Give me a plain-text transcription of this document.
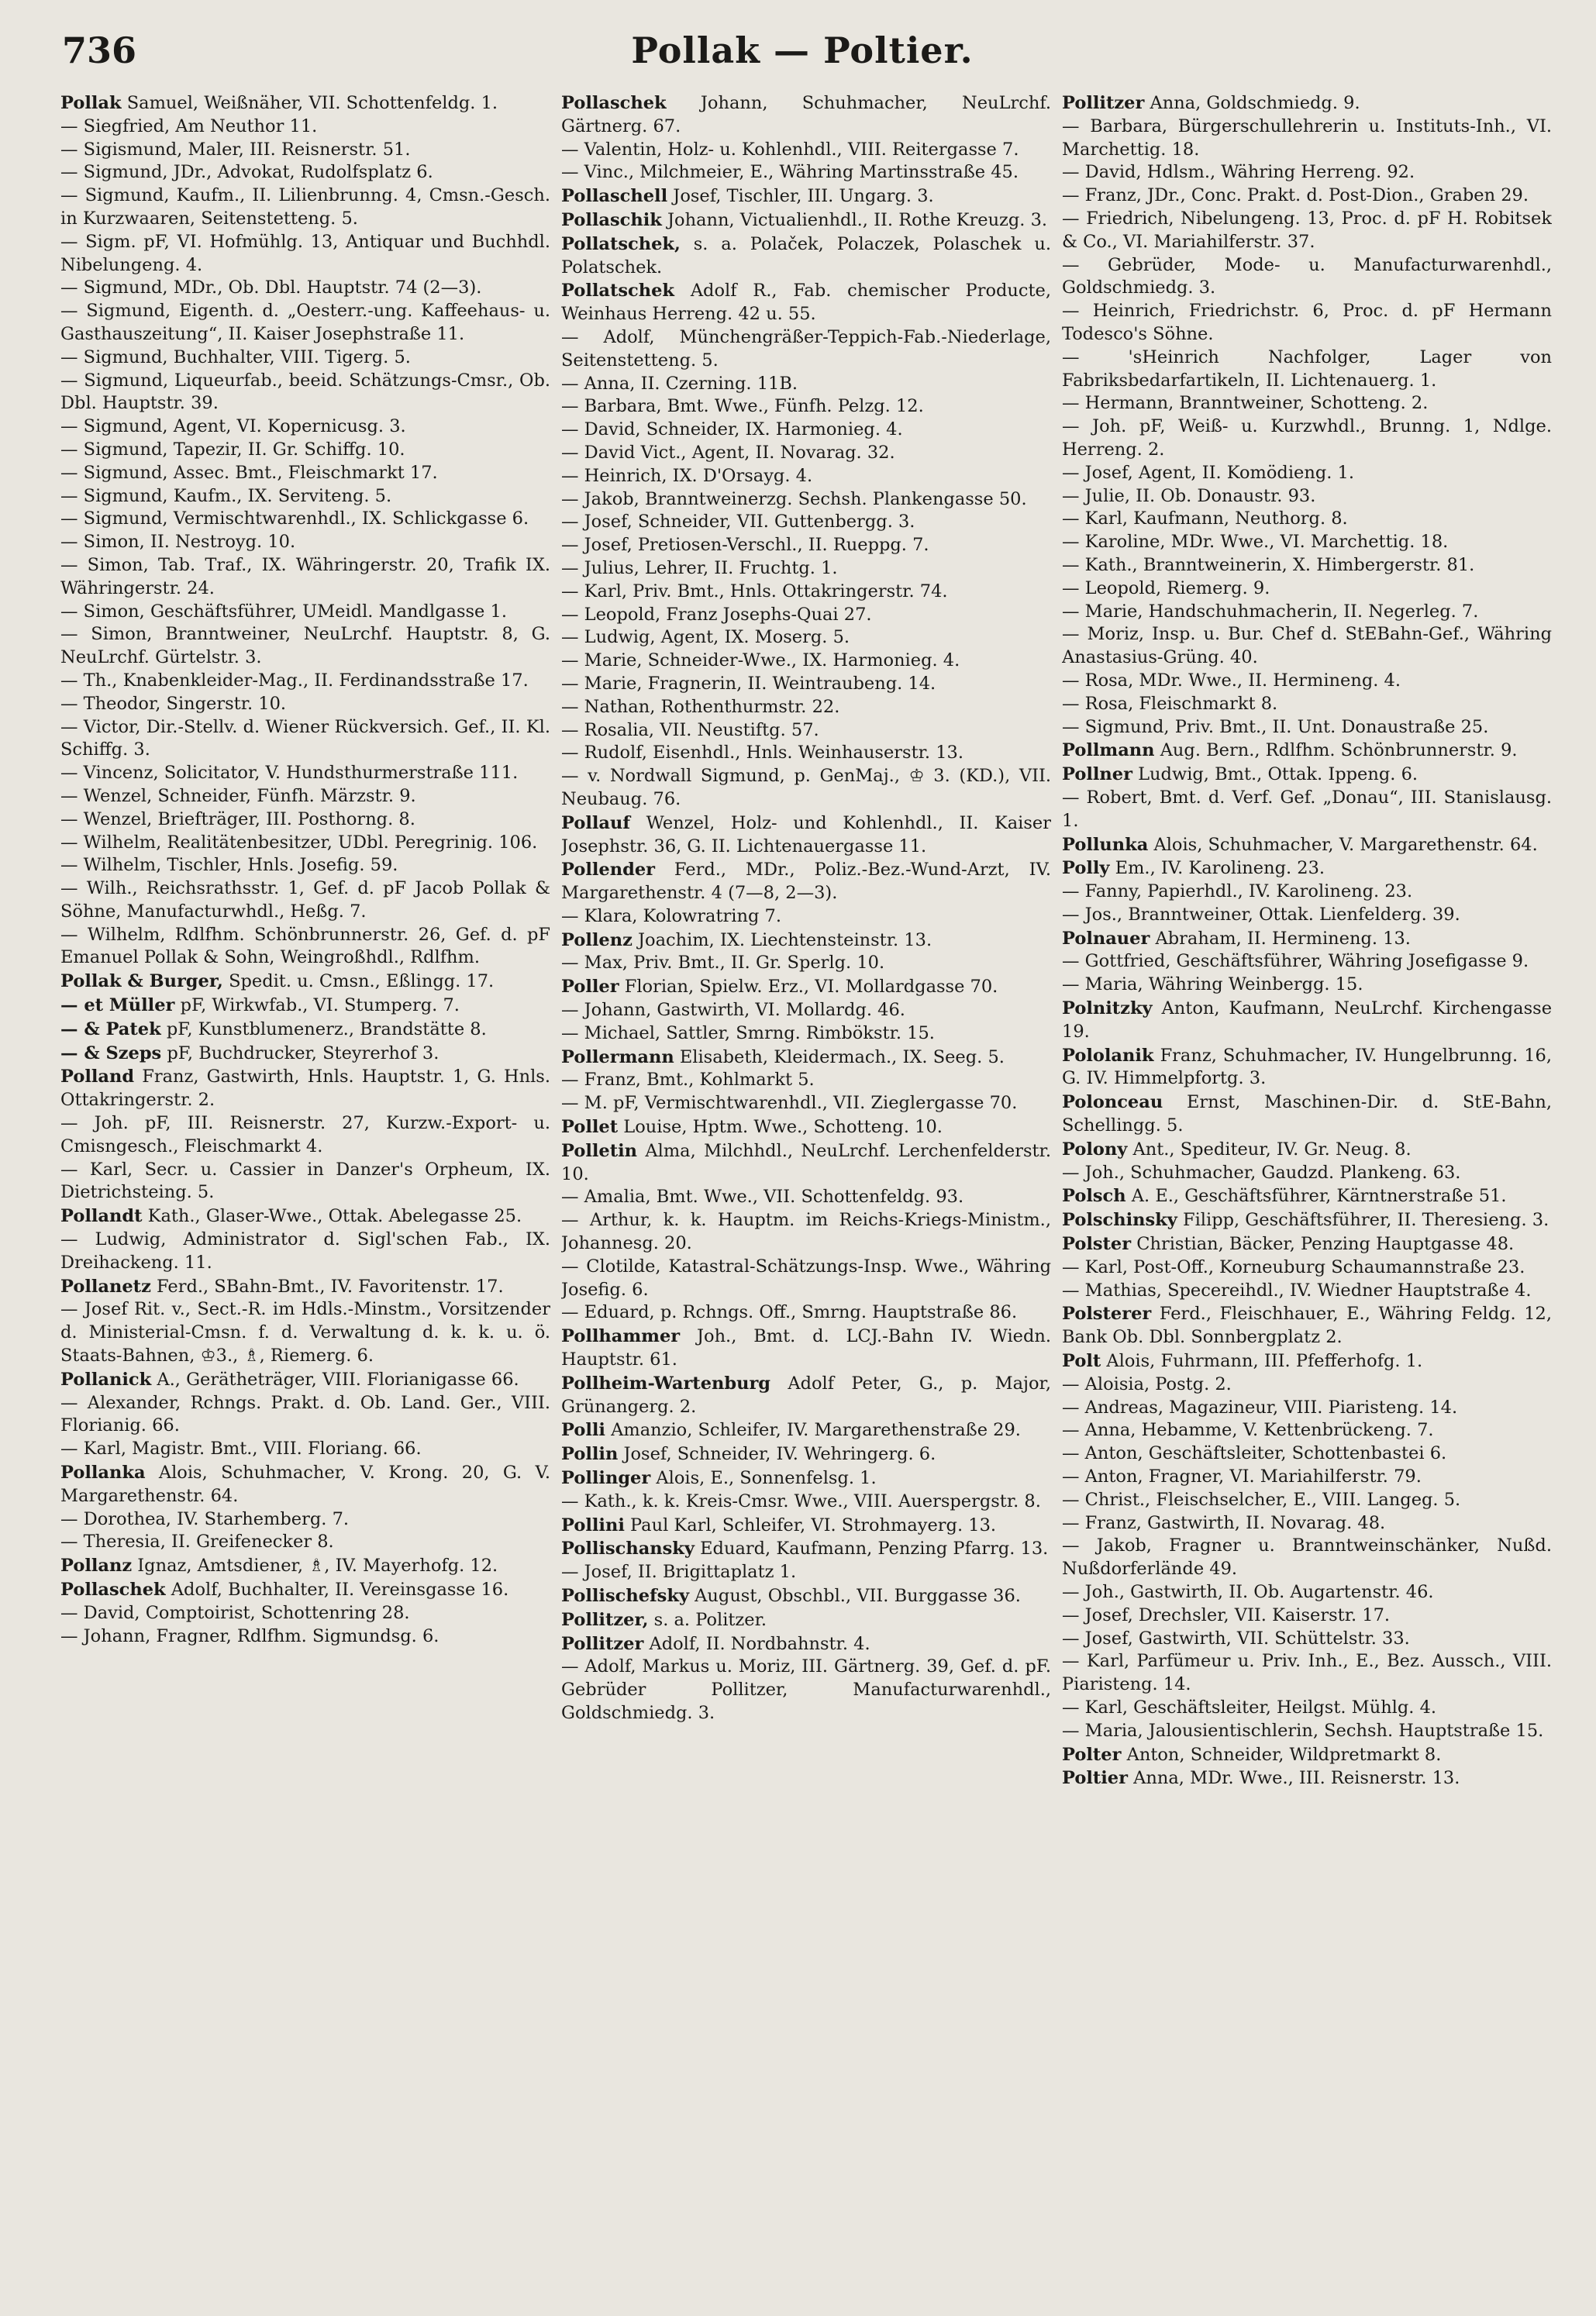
736	Pollak — Poltier.

Pollak Samuel, Weißnäher, VII. Schottenfeldg. 1.

— Siegfried, Am Neuthor 11.

— Sigismund, Maler, III. Reisnerstr. 51.

— Sigmund, JDr., Advokat, Rudolfsplatz 6.

— Sigmund, Kaufm., II. Lilienbrunng. 4, Cmsn.-Gesch. in Kurzwaaren, Seitenstetteng. 5.

— Sigm. pF, VI. Hofmühlg. 13, Antiquar und Buchhdl. Nibelungeng. 4.

— Sigmund, MDr., Ob. Dbl. Hauptstr. 74 (2—3).

— Sigmund, Eigenth. d. „Oesterr.-ung. Kaffeehaus- u. Gasthauszeitung“, II. Kaiser Josephstraße 11.

— Sigmund, Buchhalter, VIII. Tigerg. 5.

— Sigmund, Liqueurfab., beeid. Schätzungs-Cmsr., Ob. Dbl. Hauptstr. 39.

— Sigmund, Agent, VI. Kopernicusg. 3.

— Sigmund, Tapezir, II. Gr. Schiffg. 10.

— Sigmund, Assec. Bmt., Fleischmarkt 17.

— Sigmund, Kaufm., IX. Servitеng. 5.

— Sigmund, Vermischtwarenhdl., IX. Schlickgasse 6.

— Simon, II. Nestroyg. 10.

— Simon, Tab. Traf., IX. Währingerstr. 20, Trafik IX. Währingerstr. 24.

— Simon, Geschäftsführer, UMeidl. Mandlgasse 1.

— Simon, Branntweiner, NeuLrchf. Hauptstr. 8, G. NeuLrchf. Gürtelstr. 3.

— Th., Knabenkleider-Mag., II. Ferdinandsstraße 17.

— Theodor, Singerstr. 10.

— Victor, Dir.-Stellv. d. Wiener Rückversich. Gef., II. Kl. Schiffg. 3.

— Vincenz, Solicitator, V. Hundsthurmerstraße 111.

— Wenzel, Schneider, Fünfh. Märzstr. 9.

— Wenzel, Briefträger, III. Posthorng. 8.

— Wilhelm, Realitätenbesitzer, UDbl. Peregrinig. 106.

— Wilhelm, Tischler, Hnls. Josefig. 59.

— Wilh., Reichsrathsstr. 1, Gef. d. pF Jacob Pollak & Söhne, Manufacturwhdl., Heßg. 7.

— Wilhelm, Rdlfhm. Schönbrunnerstr. 26, Gef. d. pF Emanuel Pollak & Sohn, Weingroßhdl., Rdlfhm.

Pollak & Burger, Spedit. u. Cmsn., Eßlingg. 17.

— et Müller pF, Wirkwfab., VI. Stumperg. 7.

— & Patek pF, Kunstblumenerz., Brandstätte 8.

— & Szeps pF, Buchdrucker, Steyrerhof 3.

Polland Franz, Gastwirth, Hnls. Hauptstr. 1, G. Hnls. Ottakringerstr. 2.

— Joh. pF, III. Reisnerstr. 27, Kurzw.-Export- u. Cmisngesch., Fleischmarkt 4.

— Karl, Secr. u. Cassier in Danzer's Orpheum, IX. Dietrichsteing. 5.

Pollandt Kath., Glaser-Wwe., Ottak. Abelegasse 25.

— Ludwig, Administrator d. Sigl'schen Fab., IX. Dreihackeng. 11.

Pollanetz Ferd., SBahn-Bmt., IV. Favoritenstr. 17.

— Josef Rit. v., Sect.-R. im Hdls.-Minstm., Vorsitzender d. Ministerial-Cmsn. f. d. Verwaltung d. k. k. u. ö. Staats-Bahnen, ♔3., ♗, Riemerg. 6.

Pollanick A., Gerätheträger, VIII. Florianigasse 66.

— Alexander, Rchngs. Prakt. d. Ob. Land. Ger., VIII. Florianig. 66.

— Karl, Magistr. Bmt., VIII. Floriang. 66.

Pollanka Alois, Schuhmacher, V. Krong. 20, G. V. Margarethenstr. 64.

— Dorothea, IV. Starhemberg. 7.

— Theresia, II. Greifenecker 8.

Pollanz Ignaz, Amtsdiener, ♗, IV. Mayerhofg. 12.

Pollaschek Adolf, Buchhalter, II. Vereinsgasse 16.

— David, Comptoirist, Schottenring 28.

— Johann, Fragner, Rdlfhm. Sigmundsg. 6.

Pollaschek Johann, Schuhmacher, NeuLrchf. Gärtnerg. 67.

— Valentin, Holz- u. Kohlenhdl., VIII. Reitergasse 7.

— Vinc., Milchmeier, E., Währing Martinsstraße 45.

Pollaschell Josef, Tischler, III. Ungarg. 3.

Pollaschik Johann, Victualienhdl., II. Rothe Kreuzg. 3.

Pollatschek, s. a. Polaček, Polaczek, Polaschek u. Polatschek.

Pollatschek Adolf R., Fab. chemischer Producte, Weinhaus Herreng. 42 u. 55.

— Adolf, Münchengräßer-Teppich-Fab.-Niederlage, Seitenstetteng. 5.

— Anna, II. Czerning. 11B.

— Barbara, Bmt. Wwe., Fünfh. Pelzg. 12.

— David, Schneider, IX. Harmonieg. 4.

— David Vict., Agent, II. Novarag. 32.

— Heinrich, IX. D'Orsayg. 4.

— Jakob, Branntweinerzg. Sechsh. Plankengasse 50.

— Josef, Schneider, VII. Guttenbergg. 3.

— Josef, Pretiosen-Verschl., II. Rueppg. 7.

— Julius, Lehrer, II. Fruchtg. 1.

— Karl, Priv. Bmt., Hnls. Ottakringerstr. 74.

— Leopold, Franz Josephs-Quai 27.

— Ludwig, Agent, IX. Moserg. 5.

— Marie, Schneider-Wwe., IX. Harmonieg. 4.

— Marie, Fragnerin, II. Weintraubeng. 14.

— Nathan, Rothenthurmstr. 22.

— Rosalia, VII. Neustiftg. 57.

— Rudolf, Eisenhdl., Hnls. Weinhauserstr. 13.

— v. Nordwall Sigmund, p. GenMaj., ♔ 3. (KD.), VII. Neubaug. 76.

Pollauf Wenzel, Holz- und Kohlenhdl., II. Kaiser Josephstr. 36, G. II. Lichtenauergasse 11.

Pollender Ferd., MDr., Poliz.-Bez.-Wund-Arzt, IV. Margarethenstr. 4 (7—8, 2—3).

— Klara, Kolowratring 7.

Pollenz Joachim, IX. Liechtensteinstr. 13.

— Max, Priv. Bmt., II. Gr. Sperlg. 10.

Poller Florian, Spielw. Erz., VI. Mollardgasse 70.

— Johann, Gastwirth, VI. Mollardg. 46.

— Michael, Sattler, Smrng. Rimbökstr. 15.

Pollermann Elisabeth, Kleidermach., IX. Seeg. 5.

— Franz, Bmt., Kohlmarkt 5.

— M. pF, Vermischtwarenhdl., VII. Zieglergasse 70.

Pollet Louise, Hptm. Wwe., Schotteng. 10.

Polletin Alma, Milchhdl., NeuLrchf. Lerchenfelderstr. 10.

— Amalia, Bmt. Wwe., VII. Schottenfeldg. 93.

— Arthur, k. k. Hauptm. im Reichs-Kriegs-Ministm., Johannesg. 20.

— Clotilde, Katastral-Schätzungs-Insp. Wwe., Währing Josefig. 6.

— Eduard, p. Rchngs. Off., Smrng. Hauptstraße 86.

Pollhammer Joh., Bmt. d. LCJ.-Bahn IV. Wiedn. Hauptstr. 61.

Pollheim-Wartenburg Adolf Peter, G., p. Major, Grünangerg. 2.

Polli Amanzio, Schleifer, IV. Margarethenstraße 29.

Pollin Josef, Schneider, IV. Wehringerg. 6.

Pollinger Alois, E., Sonnenfelsg. 1.

— Kath., k. k. Kreis-Cmsr. Wwe., VIII. Auerspergstr. 8.

Pollini Paul Karl, Schleifer, VI. Strohmayerg. 13.

Pollischansky Eduard, Kaufmann, Penzing Pfarrg. 13.

— Josef, II. Brigittaplatz 1.

Pollischefsky August, Obschbl., VII. Burggasse 36.

Pollitzer, s. a. Politzer.

Pollitzer Adolf, II. Nordbahnstr. 4.

— Adolf, Markus u. Moriz, III. Gärtnerg. 39, Gef. d. pF. Gebrüder Pollitzer, Manufacturwarenhdl., Goldschmiedg. 3.

Pollitzer Anna, Goldschmiedg. 9.

— Barbara, Bürgerschullehrerin u. Instituts-Inh., VI. Marchettig. 18.

— David, Hdlsm., Währing Herreng. 92.

— Franz, JDr., Conc. Prakt. d. Post-Dion., Graben 29.

— Friedrich, Nibelungeng. 13, Proc. d. pF H. Robitsek & Co., VI. Mariahilferstr. 37.

— Gebrüder, Mode- u. Manufacturwarenhdl., Goldschmiedg. 3.

— Heinrich, Friedrichstr. 6, Proc. d. pF Hermann Todesco's Söhne.

— 'sHeinrich Nachfolger, Lager von Fabriksbedarfartikeln, II. Lichtenauerg. 1.

— Hermann, Branntweiner, Schotteng. 2.

— Joh. pF, Weiß- u. Kurzwhdl., Brunng. 1, Ndlge. Herreng. 2.

— Josef, Agent, II. Komödieng. 1.

— Julie, II. Ob. Donaustr. 93.

— Karl, Kaufmann, Neuthorg. 8.

— Karoline, MDr. Wwe., VI. Marchettig. 18.

— Kath., Branntweinerin, X. Himbergerstr. 81.

— Leopold, Riemerg. 9.

— Marie, Handschuhmacherin, II. Negerleg. 7.

— Moriz, Insp. u. Bur. Chef d. StEBahn-Gef., Währing Anastasius-Grüng. 40.

— Rosa, MDr. Wwe., II. Hermineng. 4.

— Rosa, Fleischmarkt 8.

— Sigmund, Priv. Bmt., II. Unt. Donaustraße 25.

Pollmann Aug. Bern., Rdlfhm. Schönbrunnerstr. 9.

Pollner Ludwig, Bmt., Ottak. Ippeng. 6.

— Robert, Bmt. d. Verf. Gef. „Donau“, III. Stanislausg. 1.

Pollunka Alois, Schuhmacher, V. Margarethenstr. 64.

Polly Em., IV. Karolineng. 23.

— Fanny, Papierhdl., IV. Karolineng. 23.

— Jos., Branntweiner, Ottak. Lienfelderg. 39.

Polnauer Abraham, II. Hermineng. 13.

— Gottfried, Geschäftsführer, Währing Josefigasse 9.

— Maria, Währing Weinbergg. 15.

Polnitzky Anton, Kaufmann, NeuLrchf. Kirchengasse 19.

Pololanik Franz, Schuhmacher, IV. Hungelbrunng. 16, G. IV. Himmelpfortg. 3.

Polonceau Ernst, Maschinen-Dir. d. StE-Bahn, Schellingg. 5.

Polony Ant., Spediteur, IV. Gr. Neug. 8.

— Joh., Schuhmacher, Gaudzd. Plankeng. 63.

Polsch A. E., Geschäftsführer, Kärntnerstraße 51.

Polschinsky Filipp, Geschäftsführer, II. Theresieng. 3.

Polster Christian, Bäcker, Penzing Hauptgasse 48.

— Karl, Post-Off., Korneuburg Schaumannstraße 23.

— Mathias, Specereihdl., IV. Wiedner Hauptstraße 4.

Polsterer Ferd., Fleischhauer, E., Währing Feldg. 12, Bank Ob. Dbl. Sonnbergplatz 2.

Polt Alois, Fuhrmann, III. Pfefferhofg. 1.

— Aloisia, Postg. 2.

— Andreas, Magazineur, VIII. Piaristeng. 14.

— Anna, Hebamme, V. Kettenbrückeng. 7.

— Anton, Geschäftsleiter, Schottenbastei 6.

— Anton, Fragner, VI. Mariahilferstr. 79.

— Christ., Fleischselcher, E., VIII. Langeg. 5.

— Franz, Gastwirth, II. Novarag. 48.

— Jakob, Fragner u. Branntweinschänker, Nußd. Nußdorferlände 49.

— Joh., Gastwirth, II. Ob. Augartenstr. 46.

— Josef, Drechsler, VII. Kaiserstr. 17.

— Josef, Gastwirth, VII. Schüttelstr. 33.

— Karl, Parfümeur u. Priv. Inh., E., Bez. Aussch., VIII. Piaristeng. 14.

— Karl, Geschäftsleiter, Heilgst. Mühlg. 4.

— Maria, Jalousientischlerin, Sechsh. Hauptstraße 15.

Polter Anton, Schneider, Wildpretmarkt 8.

Poltier Anna, MDr. Wwe., III. Reisnerstr. 13.
